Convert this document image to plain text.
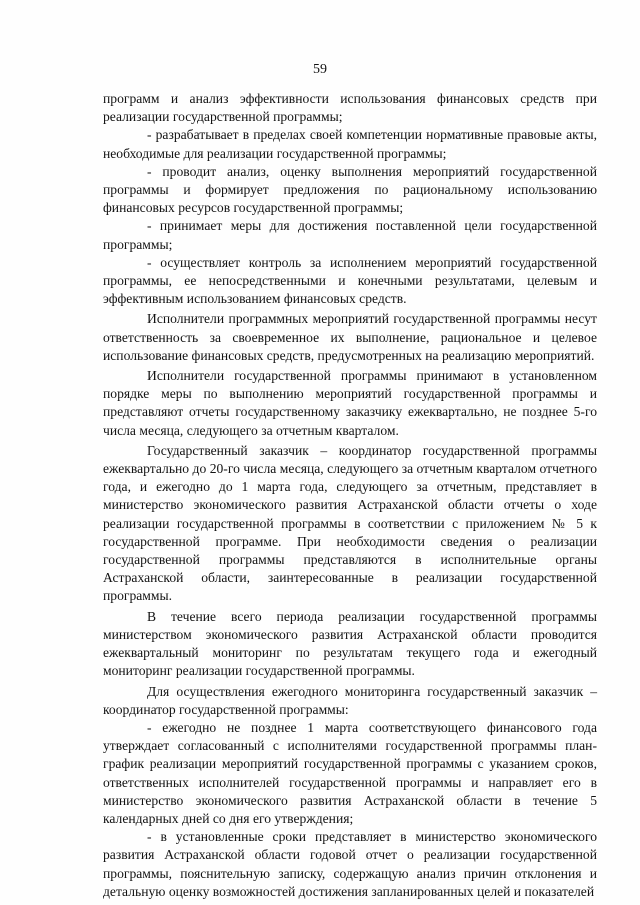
59

программ и анализ эффективности использования финансовых средств при реализации государственной программы;

- разрабатывает в пределах своей компетенции нормативные правовые акты, необходимые для реализации государственной программы;

- проводит анализ, оценку выполнения мероприятий государственной программы и формирует предложения по рациональному использованию финансовых ресурсов государственной программы;

- принимает меры для достижения поставленной цели государственной программы;

- осуществляет контроль за исполнением мероприятий государственной программы, ее непосредственными и конечными результатами, целевым и эффективным использованием финансовых средств.

Исполнители программных мероприятий государственной программы несут ответственность за своевременное их выполнение, рациональное и целевое использование финансовых средств, предусмотренных на реализацию мероприятий.

Исполнители государственной программы принимают в установленном порядке меры по выполнению мероприятий государственной программы и представляют отчеты государственному заказчику ежеквартально, не позднее 5-го числа месяца, следующего за отчетным кварталом.

Государственный заказчик – координатор государственной программы ежеквартально до 20-го числа месяца, следующего за отчетным кварталом отчетного года, и ежегодно до 1 марта года, следующего за отчетным, представляет в министерство экономического развития Астраханской области отчеты о ходе реализации государственной программы в соответствии с приложением № 5 к государственной программе. При необходимости сведения о реализации государственной программы представляются в исполнительные органы Астраханской области, заинтересованные в реализации государственной программы.

В течение всего периода реализации государственной программы министерством экономического развития Астраханской области проводится ежеквартальный мониторинг по результатам текущего года и ежегодный мониторинг реализации государственной программы.

Для осуществления ежегодного мониторинга государственный заказчик – координатор государственной программы:

- ежегодно не позднее 1 марта соответствующего финансового года утверждает согласованный с исполнителями государственной программы план-график реализации мероприятий государственной программы с указанием сроков, ответственных исполнителей государственной программы и направляет его в министерство экономического развития Астраханской области в течение 5 календарных дней со дня его утверждения;

- в установленные сроки представляет в министерство экономического развития Астраханской области годовой отчет о реализации государственной программы, пояснительную записку, содержащую анализ причин отклонения и детальную оценку возможностей достижения запланированных целей и показателей
